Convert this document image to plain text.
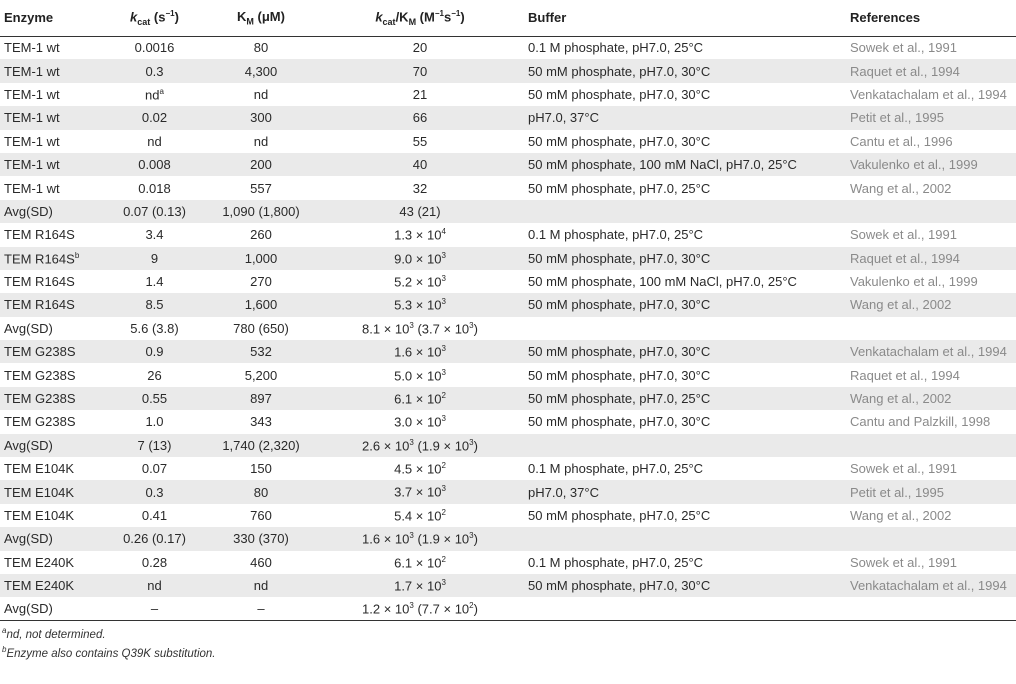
Enzyme	$k_{cat}$ $(s^{-1})$	$K_M$ (μM)	$k_{cat}/K_M$ $(M^{-1}s^{-1})$	Buffer	References
TEM-1 wt	0.0016	80	20	0.1 M phosphate, pH7.0, 25°C	Sowek et al., 1991
TEM-1 wt	0.3	4,300	70	50 mM phosphate, pH7.0, 30°C	Raquet et al., 1994
TEM-1 wt	$nd^a$	nd	21	50 mM phosphate, pH7.0, 30°C	Venkatachalam et al., 1994
TEM-1 wt	0.02	300	66	pH7.0, 37°C	Petit et al., 1995
TEM-1 wt	nd	nd	55	50 mM phosphate, pH7.0, 30°C	Cantu et al., 1996
TEM-1 wt	0.008	200	40	50 mM phosphate, 100 mM NaCl, pH7.0, 25°C	Vakulenko et al., 1999
TEM-1 wt	0.018	557	32	50 mM phosphate, pH7.0, 25°C	Wang et al., 2002
Avg(SD)	0.07 (0.13)	1,090 (1,800)	43 (21)		
TEM R164S	3.4	260	$1.3 \times 10^4$	0.1 M phosphate, pH7.0, 25°C	Sowek et al., 1991
TEM $R164S^b$	9	1,000	$9.0 \times 10^3$	50 mM phosphate, pH7.0, 30°C	Raquet et al., 1994
TEM R164S	1.4	270	$5.2 \times 10^3$	50 mM phosphate, 100 mM NaCl, pH7.0, 25°C	Vakulenko et al., 1999
TEM R164S	8.5	1,600	$5.3 \times 10^3$	50 mM phosphate, pH7.0, 30°C	Wang et al., 2002
Avg(SD)	5.6 (3.8)	780 (650)	$8.1 \times 10^3$ $(3.7 \times 10^3)$		
TEM G238S	0.9	532	$1.6 \times 10^3$	50 mM phosphate, pH7.0, 30°C	Venkatachalam et al., 1994
TEM G238S	26	5,200	$5.0 \times 10^3$	50 mM phosphate, pH7.0, 30°C	Raquet et al., 1994
TEM G238S	0.55	897	$6.1 \times 10^2$	50 mM phosphate, pH7.0, 25°C	Wang et al., 2002
TEM G238S	1.0	343	$3.0 \times 10^3$	50 mM phosphate, pH7.0, 30°C	Cantu and Palzkill, 1998
Avg(SD)	7 (13)	1,740 (2,320)	$2.6 \times 10^3$ $(1.9 \times 10^3)$		
TEM E104K	0.07	150	$4.5 \times 10^2$	0.1 M phosphate, pH7.0, 25°C	Sowek et al., 1991
TEM E104K	0.3	80	$3.7 \times 10^3$	pH7.0, 37°C	Petit et al., 1995
TEM E104K	0.41	760	$5.4 \times 10^2$	50 mM phosphate, pH7.0, 25°C	Wang et al., 2002
Avg(SD)	0.26 (0.17)	330 (370)	$1.6 \times 10^3$ $(1.9 \times 10^3)$		
TEM E240K	0.28	460	$6.1 \times 10^2$	0.1 M phosphate, pH7.0, 25°C	Sowek et al., 1991
TEM E240K	nd	nd	$1.7 \times 10^3$	50 mM phosphate, pH7.0, 30°C	Venkatachalam et al., 1994
Avg(SD)	–	–	$1.2 \times 10^3$ $(7.7 \times 10^2)$		
$^a$nd, not determined.
$^b$Enzyme also contains Q39K substitution.
